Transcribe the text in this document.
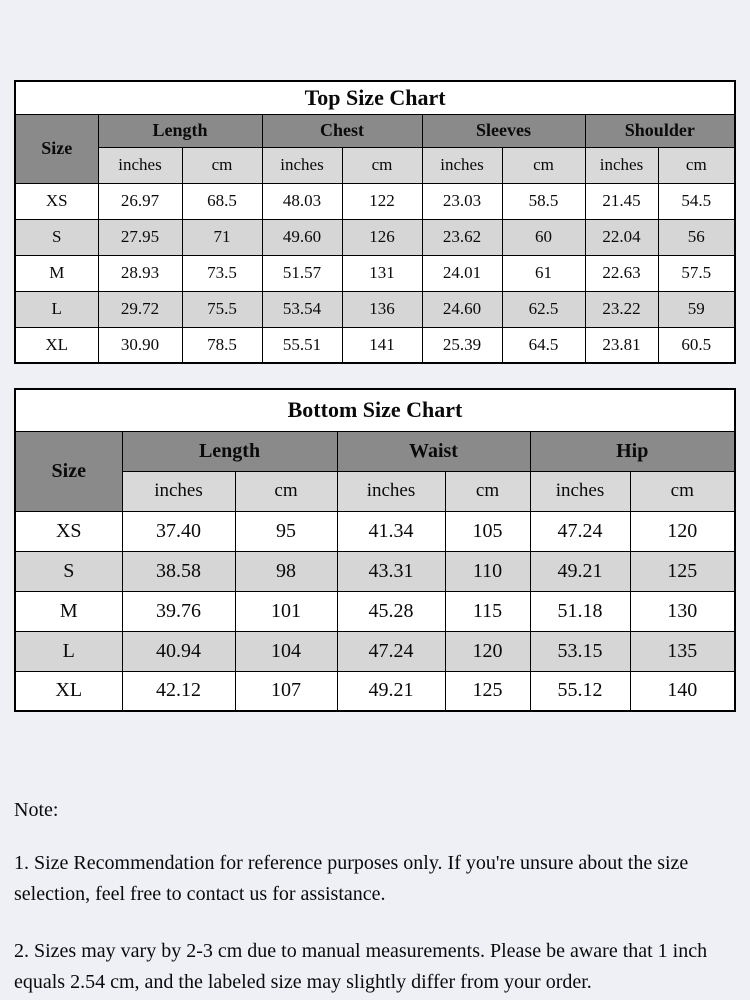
Top Size Chart								
Size	Length		Chest		Sleeves		Shoulder	
	inches	cm	inches	cm	inches	cm	inches	cm
XS	26.97	68.5	48.03	122	23.03	58.5	21.45	54.5
S	27.95	71	49.60	126	23.62	60	22.04	56
M	28.93	73.5	51.57	131	24.01	61	22.63	57.5
L	29.72	75.5	53.54	136	24.60	62.5	23.22	59
XL	30.90	78.5	55.51	141	25.39	64.5	23.81	60.5
Bottom Size Chart						
Size	Length		Waist		Hip	
	inches	cm	inches	cm	inches	cm
XS	37.40	95	41.34	105	47.24	120
S	38.58	98	43.31	110	49.21	125
M	39.76	101	45.28	115	51.18	130
L	40.94	104	47.24	120	53.15	135
XL	42.12	107	49.21	125	55.12	140

Note:

1. Size Recommendation for reference purposes only. If you're unsure about the size selection, feel free to contact us for assistance.

2. Sizes may vary by 2-3 cm due to manual measurements. Please be aware that 1 inch equals 2.54 cm, and the labeled size may slightly differ from your order.
